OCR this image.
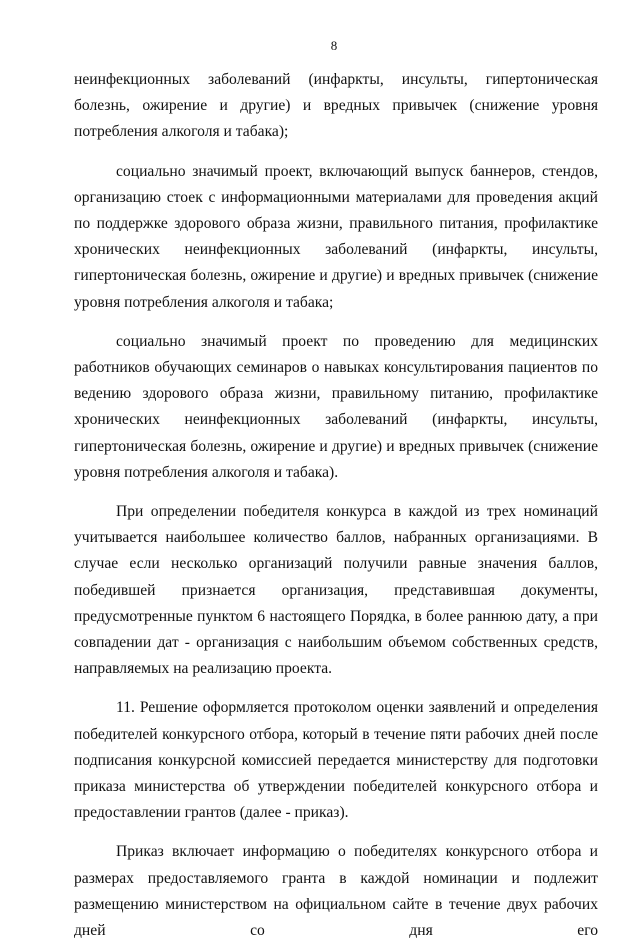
8

неинфекционных заболеваний (инфаркты, инсульты, гипертоническая болезнь, ожирение и другие) и вредных привычек (снижение уровня потребления алкоголя и табака);

социально значимый проект, включающий выпуск баннеров, стендов, организацию стоек с информационными материалами для проведения акций по поддержке здорового образа жизни, правильного питания, профилактике хронических неинфекционных заболеваний (инфаркты, инсульты, гипертоническая болезнь, ожирение и другие) и вредных привычек (снижение уровня потребления алкоголя и табака;

социально значимый проект по проведению для медицинских работников обучающих семинаров о навыках консультирования пациентов по ведению здорового образа жизни, правильному питанию, профилактике хронических неинфекционных заболеваний (инфаркты, инсульты, гипертоническая болезнь, ожирение и другие) и вредных привычек (снижение уровня потребления алкоголя и табака).

При определении победителя конкурса в каждой из трех номинаций учитывается наибольшее количество баллов, набранных организациями. В случае если несколько организаций получили равные значения баллов, победившей признается организация, представившая документы, предусмотренные пунктом 6 настоящего Порядка, в более раннюю дату, а при совпадении дат - организация с наибольшим объемом собственных средств, направляемых на реализацию проекта.

11. Решение оформляется протоколом оценки заявлений и определения победителей конкурсного отбора, который в течение пяти рабочих дней после подписания конкурсной комиссией передается министерству для подготовки приказа министерства об утверждении победителей конкурсного отбора и предоставлении грантов (далее - приказ).

Приказ включает информацию о победителях конкурсного отбора и размерах предоставляемого гранта в каждой номинации и подлежит размещению министерством на официальном сайте в течение двух рабочих дней со дня его
